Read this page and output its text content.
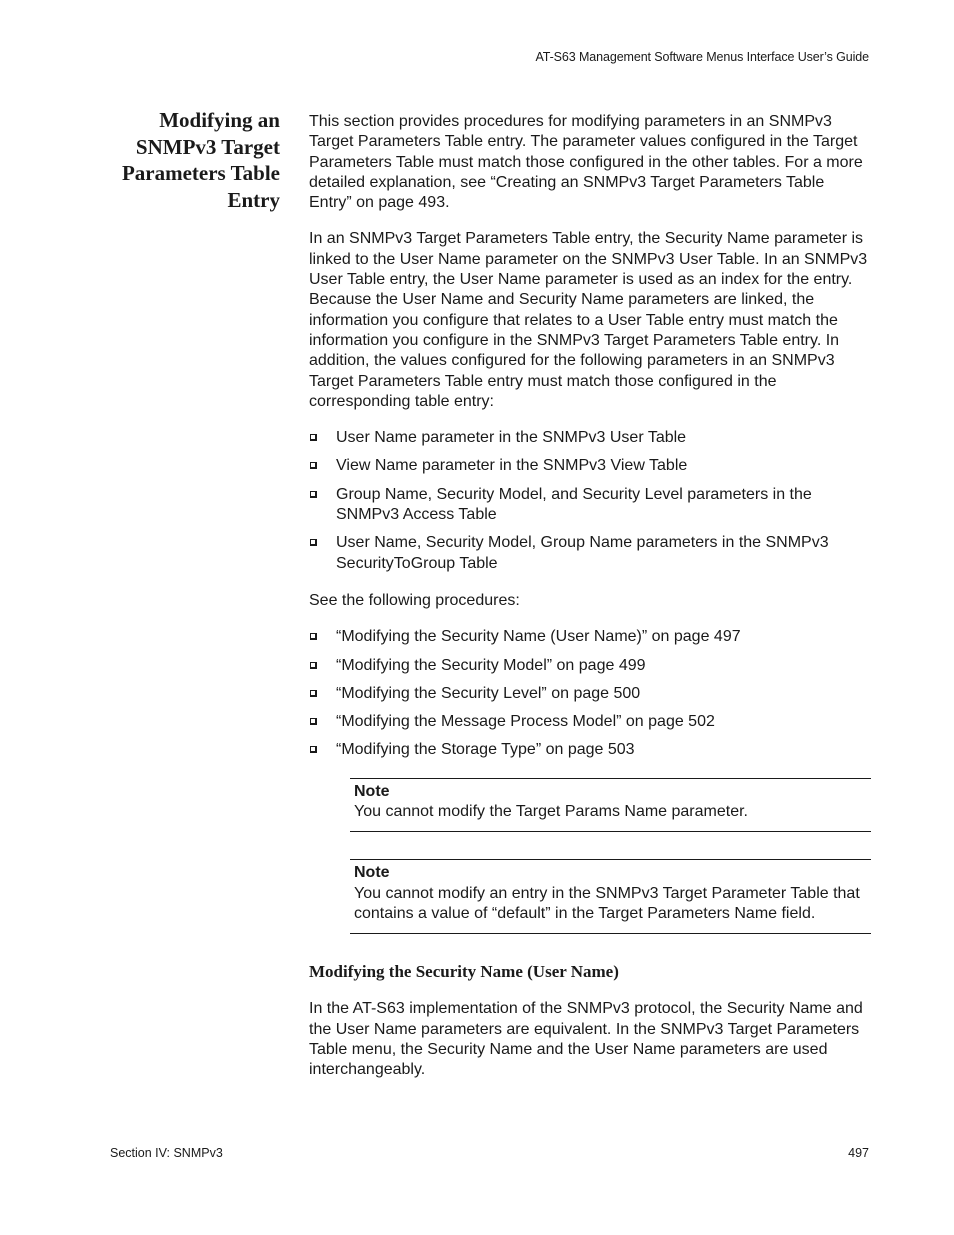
AT-S63 Management Software Menus Interface User’s Guide
Modifying an
SNMPv3 Target
Parameters Table
Entry

This section provides procedures for modifying parameters in an SNMPv3 Target Parameters Table entry. The parameter values configured in the Target Parameters Table must match those configured in the other tables. For a more detailed explanation, see “Creating an SNMPv3 Target Parameters Table Entry” on page 493.

In an SNMPv3 Target Parameters Table entry, the Security Name parameter is linked to the User Name parameter on the SNMPv3 User Table. In an SNMPv3 User Table entry, the User Name parameter is used as an index for the entry. Because the User Name and Security Name parameters are linked, the information you configure that relates to a User Table entry must match the information you configure in the SNMPv3 Target Parameters Table entry. In addition, the values configured for the following parameters in an SNMPv3 Target Parameters Table entry must match those configured in the corresponding table entry:

User Name parameter in the SNMPv3 User Table
View Name parameter in the SNMPv3 View Table
Group Name, Security Model, and Security Level parameters in the SNMPv3 Access Table
User Name, Security Model, Group Name parameters in the SNMPv3 SecurityToGroup Table

See the following procedures:

“Modifying the Security Name (User Name)” on page 497
“Modifying the Security Model” on page 499
“Modifying the Security Level” on page 500
“Modifying the Message Process Model” on page 502
“Modifying the Storage Type” on page 503
Note
You cannot modify the Target Params Name parameter.
Note
You cannot modify an entry in the SNMPv3 Target Parameter Table that contains a value of “default” in the Target Parameters Name field.
Modifying the Security Name (User Name)

In the AT-S63 implementation of the SNMPv3 protocol, the Security Name and the User Name parameters are equivalent. In the SNMPv3 Target Parameters Table menu, the Security Name and the User Name parameters are used interchangeably.

Section IV: SNMPv3	497
